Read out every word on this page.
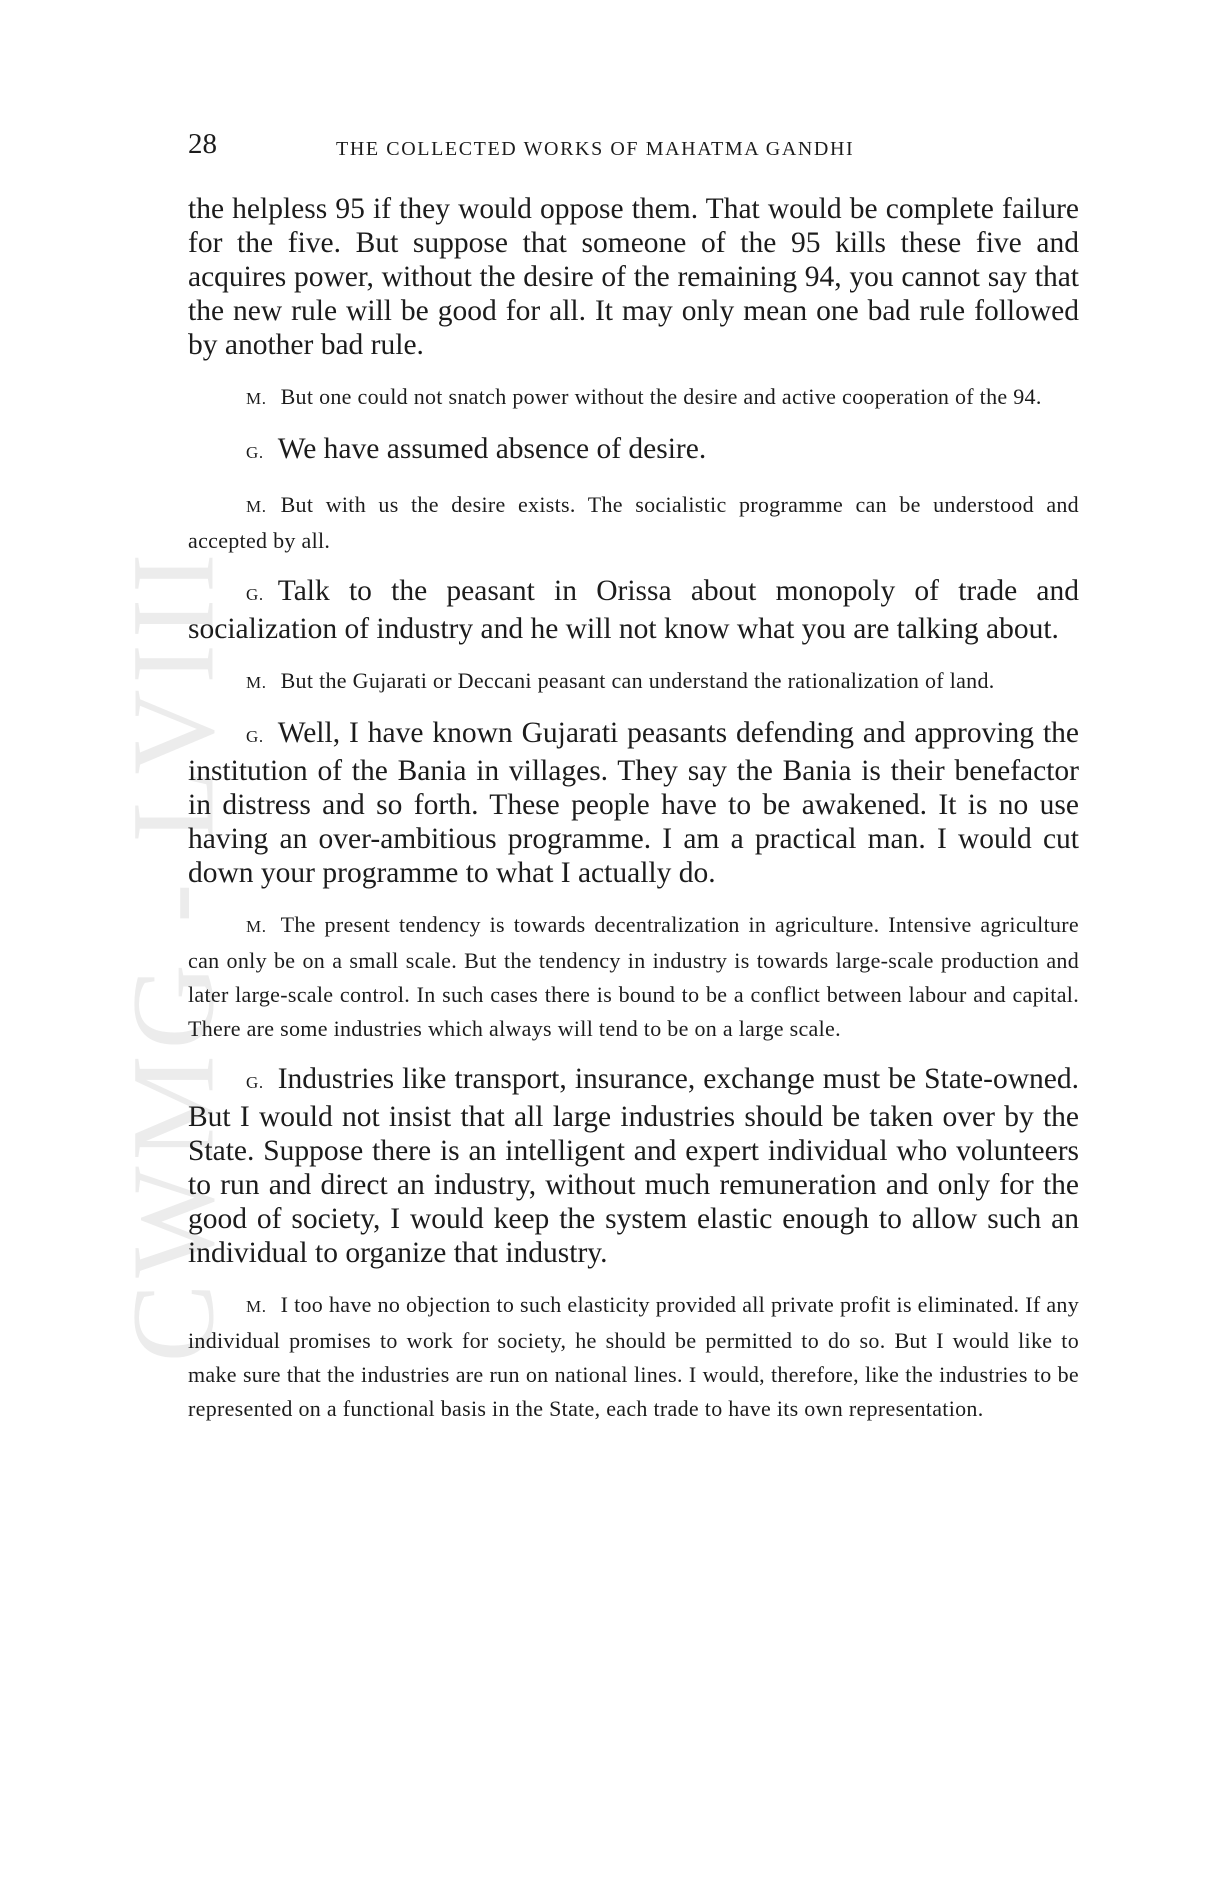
CWMG - LVIII
28	THE COLLECTED WORKS OF MAHATMA GANDHI

the helpless 95 if they would oppose them. That would be complete failure for the five. But suppose that someone of the 95 kills these five and acquires power, without the desire of the remaining 94, you cannot say that the new rule will be good for all. It may only mean one bad rule followed by another bad rule.

M. But one could not snatch power without the desire and active cooperation of the 94.

G. We have assumed absence of desire.

M. But with us the desire exists. The socialistic programme can be understood and accepted by all.

G. Talk to the peasant in Orissa about monopoly of trade and socialization of industry and he will not know what you are talking about.

M. But the Gujarati or Deccani peasant can understand the rationalization of land.

G. Well, I have known Gujarati peasants defending and approving the institution of the Bania in villages. They say the Bania is their benefactor in distress and so forth. These people have to be awakened. It is no use having an over-ambitious programme. I am a practical man. I would cut down your programme to what I actually do.

M. The present tendency is towards decentralization in agriculture. Intensive agriculture can only be on a small scale. But the tendency in industry is towards large-scale production and later large-scale control. In such cases there is bound to be a conflict between labour and capital. There are some industries which always will tend to be on a large scale.

G. Industries like transport, insurance, exchange must be State-owned. But I would not insist that all large industries should be taken over by the State. Suppose there is an intelligent and expert individual who volunteers to run and direct an industry, without much remuneration and only for the good of society, I would keep the system elastic enough to allow such an individual to organize that industry.

M. I too have no objection to such elasticity provided all private profit is eliminated. If any individual promises to work for society, he should be permitted to do so. But I would like to make sure that the industries are run on national lines. I would, therefore, like the industries to be represented on a functional basis in the State, each trade to have its own representation.
